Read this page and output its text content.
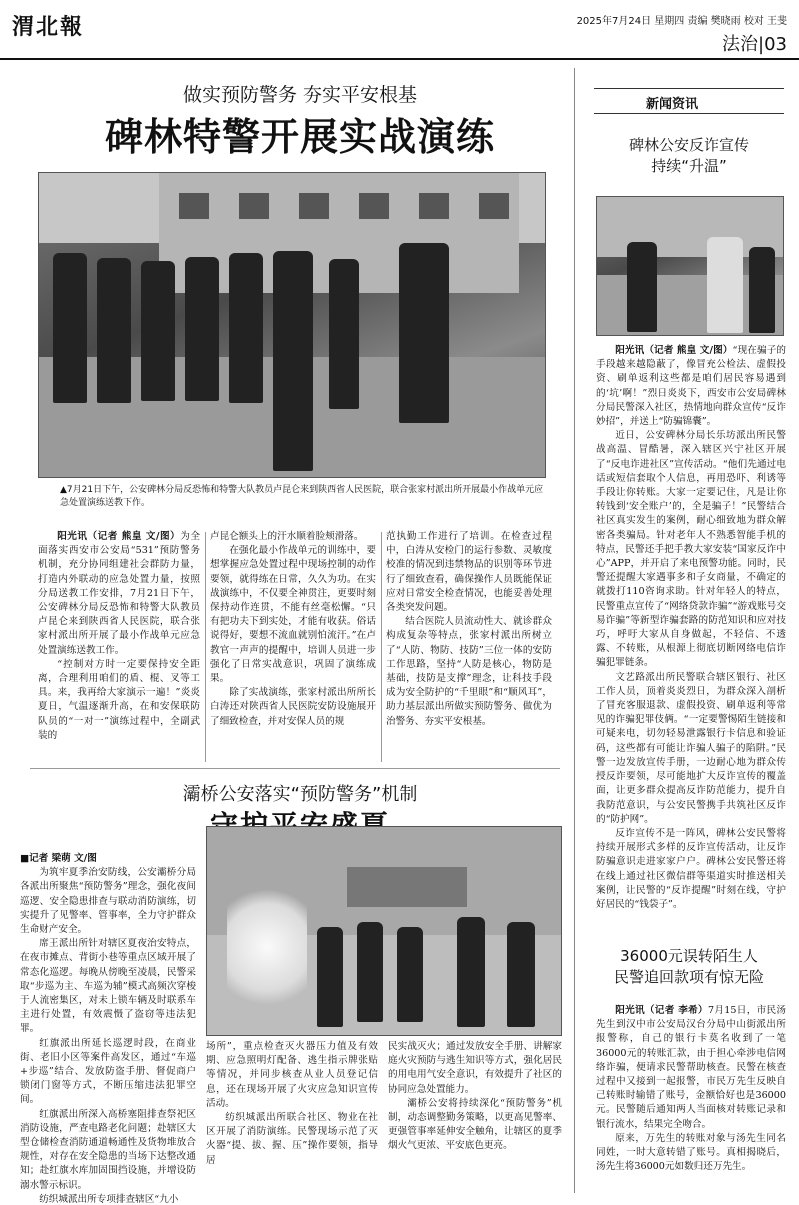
渭北報	2025年7月24日 星期四 责编 樊晓雨 校对 王斐
法治|03
做实预防警务 夯实平安根基
碑林特警开展实战演练
▲7月21日下午，公安碑林分局反恐怖和特警大队教员卢昆仑来到陕西省人民医院，联合张家村派出所开展最小作战单元应急处置演练送教下作。

阳光讯（记者 熊皇 文/图）为全面落实西安市公安局“531”预防警务机制，充分协同组建社会群防力量，打造内外联动的应急处置力量，按照分局送教工作安排，7月21日下午，公安碑林分局反恐怖和特警大队教员卢昆仑来到陕西省人民医院，联合张家村派出所开展了最小作战单元应急处置演练送教工作。

“控制对方时一定要保持安全距离，合理利用咱们的盾、棍、叉等工具。来，我再给大家演示一遍！”炎炎夏日，气温逐渐升高，在和安保联防队员的“一对一”演练过程中，全副武装的

卢昆仑额头上的汗水顺着脸颊滑落。

在强化最小作战单元的训练中，要想掌握应急处置过程中现场控制的动作要领，就得练在日常，久久为功。在实战演练中，不仅要全神贯注，更要时刻保持动作连贯，不能有丝毫松懈。“只有把功夫下到实处，才能有收获。俗话说得好，要想不流血就别怕流汗。”在卢教官一声声的提醒中，培训人员进一步强化了日常实战意识，巩固了演练成果。

除了实战演练，张家村派出所所长白涛还对陕西省人民医院安防设施展开了细致检查，并对安保人员的规

范执勤工作进行了培训。在检查过程中，白涛从安检门的运行参数、灵敏度校准的情况到违禁物品的识别等环节进行了细致查看，确保操作人员既能保证应对日常安全检查情况，也能妥善处理各类突发问题。

结合医院人员流动性大、就诊群众构成复杂等特点，张家村派出所树立了“人防、物防、技防”三位一体的安防工作思路，坚持“人防是核心，物防是基础，技防是支撑”理念，让科技手段成为安全防护的“千里眼”和“顺风耳”，助力基层派出所做实预防警务、做优为治警务、夯实平安根基。

灞桥公安落实“预防警务”机制

■记者 梁萌 文/图

为筑牢夏季治安防线，公安灞桥分局各派出所聚焦“预防警务”理念，强化夜间巡逻、安全隐患排查与联动消防演练，切实提升了见警率、管事率，全力守护群众生命财产安全。

席王派出所针对辖区夏夜治安特点，在夜市摊点、背街小巷等重点区域开展了常态化巡逻。每晚从傍晚至凌晨，民警采取“步巡为主、车巡为辅”模式高频次穿梭于人流密集区，对未上锁车辆及时联系车主进行处置，有效震慑了盗窃等违法犯罪。

红旗派出所延长巡逻时段，在商业街、老旧小区等案件高发区，通过“车巡+步巡”结合、发放防盗手册、督促商户锁闭门窗等方式，不断压缩违法犯罪空间。

红旗派出所深入高桥塞阻排查祭祀区消防设施，严查电路老化问题；赴辖区大型仓储检查消防通道畅通性及货物堆放合规性，对存在安全隐患的当场下达整改通知；赴红旗水库加固围挡设施，并增设防溺水警示标识。

纺织城派出所专项排查辖区“九小

场所”，重点检查灭火器压力值及有效期、应急照明灯配备、逃生指示牌张贴等情况，并同步核查从业人员登记信息，还在现场开展了火灾应急知识宣传活动。

纺织城派出所联合社区、物业在社区开展了消防演练。民警现场示范了灭火器“提、拔、握、压”操作要领，指导居

民实战灭火；通过发放安全手册、讲解家庭火灾预防与逃生知识等方式，强化居民的用电用气安全意识，有效提升了社区的协同应急处置能力。

灞桥公安将持续深化“预防警务”机制，动态调整勤务策略，以更高见警率、更强管事率延伸安全触角，让辖区的夏季烟火气更浓、平安底色更亮。

新闻资讯
碑林公安反诈宣传
持续“升温”

阳光讯（记者 熊皇 文/图）“现在骗子的手段越来越隐蔽了，像冒充公检法、虚假投资、刷单返利这些都是咱们居民容易遇到的‘坑’啊！”烈日炎炎下，西安市公安局碑林分局民警深入社区，热情地向群众宣传“反诈妙招”，并送上“防骗锦囊”。

近日，公安碑林分局长乐坊派出所民警战高温、冒酷暑，深入辖区兴宁社区开展了“反电诈进社区”宣传活动。“他们先通过电话或短信套取个人信息，再用恐吓、利诱等手段让你转账。大家一定要记住，凡是让你转钱到‘安全账户’的，全是骗子！”民警结合社区真实发生的案例，耐心细致地为群众解密各类骗局。针对老年人不熟悉智能手机的特点，民警还手把手教大家安装“国家反诈中心”APP，并开启了来电预警功能。同时，民警还提醒大家遇事多和子女商量，不确定的就拨打110咨询求助。针对年轻人的特点，民警重点宣传了“网络贷款诈骗”“游戏账号交易诈骗”等新型诈骗套路的防范知识和应对技巧，呼吁大家从自身做起，不轻信、不透露、不转账，从根源上彻底切断网络电信诈骗犯罪链条。

文艺路派出所民警联合辖区银行、社区工作人员，顶着炎炎烈日，为群众深入剖析了冒充客服退款、虚假投资、刷单返利等常见的诈骗犯罪伎俩。“一定要警惕陌生链接和可疑来电，切勿轻易泄露银行卡信息和验证码，这些都有可能让诈骗人骗子的陷阱。”民警一边发放宣传手册，一边耐心地为群众传授反诈要领，尽可能地扩大反诈宣传的覆盖面，让更多群众提高反诈防范能力，提升自我防范意识，与公安民警携手共筑社区反诈的“防护网”。

反诈宣传不是一阵风，碑林公安民警将持续开展形式多样的反诈宣传活动，让反诈防骗意识走进家家户户。碑林公安民警还将在线上通过社区微信群等渠道实时推送相关案例，让民警的“反诈提醒”时刻在线，守护好居民的“钱袋子”。

36000元误转陌生人
民警追回款项有惊无险

阳光讯（记者 李希）7月15日，市民汤先生到汉中市公安局汉台分局中山街派出所报警称，自己的银行卡莫名收到了一笔36000元的转账汇款，由于担心牵涉电信网络诈骗，便请求民警帮助核查。民警在核查过程中又接到一起报警，市民万先生反映自己转账时输错了账号，金额恰好也是36000元。民警随后通知两人当面核对转账记录和银行流水，结果完全吻合。

原来，万先生的转账对象与汤先生同名同姓，一时大意转错了账号。真相揭晓后，汤先生将36000元如数归还万先生。
